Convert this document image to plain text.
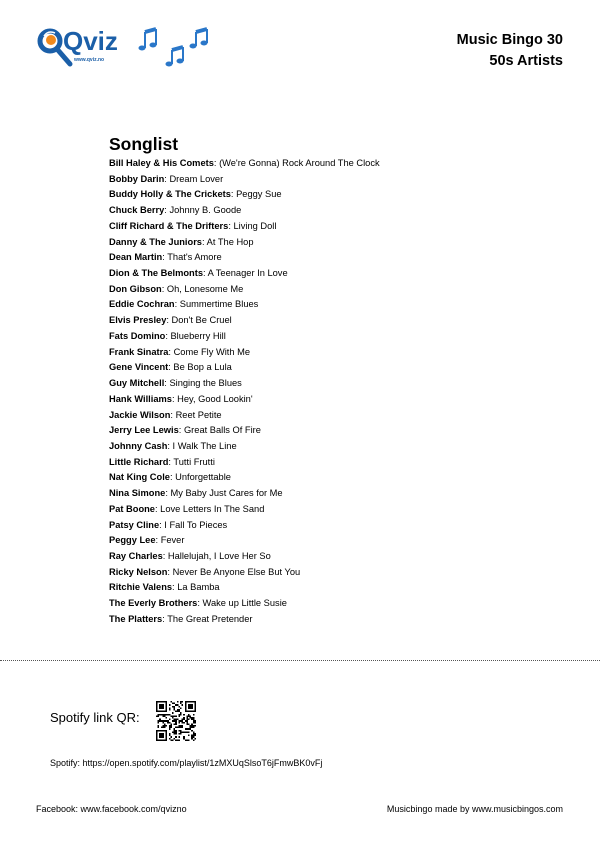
Qviz
www.qviz.no
Music Bingo 30
50s Artists
Songlist
Bill Haley & His Comets: (We're Gonna) Rock Around The Clock
Bobby Darin: Dream Lover
Buddy Holly & The Crickets: Peggy Sue
Chuck Berry: Johnny B. Goode
Cliff Richard & The Drifters: Living Doll
Danny & The Juniors: At The Hop
Dean Martin: That's Amore
Dion & The Belmonts: A Teenager In Love
Don Gibson: Oh, Lonesome Me
Eddie Cochran: Summertime Blues
Elvis Presley: Don't Be Cruel
Fats Domino: Blueberry Hill
Frank Sinatra: Come Fly With Me
Gene Vincent: Be Bop a Lula
Guy Mitchell: Singing the Blues
Hank Williams: Hey, Good Lookin'
Jackie Wilson: Reet Petite
Jerry Lee Lewis: Great Balls Of Fire
Johnny Cash: I Walk The Line
Little Richard: Tutti Frutti
Nat King Cole: Unforgettable
Nina Simone: My Baby Just Cares for Me
Pat Boone: Love Letters In The Sand
Patsy Cline: I Fall To Pieces
Peggy Lee: Fever
Ray Charles: Hallelujah, I Love Her So
Ricky Nelson: Never Be Anyone Else But You
Ritchie Valens: La Bamba
The Everly Brothers: Wake up Little Susie
The Platters: The Great Pretender
Spotify link QR:
Spotify: https://open.spotify.com/playlist/1zMXUqSlsoT6jFmwBK0vFj
Facebook: www.facebook.com/qvizno	Musicbingo made by www.musicbingos.com
